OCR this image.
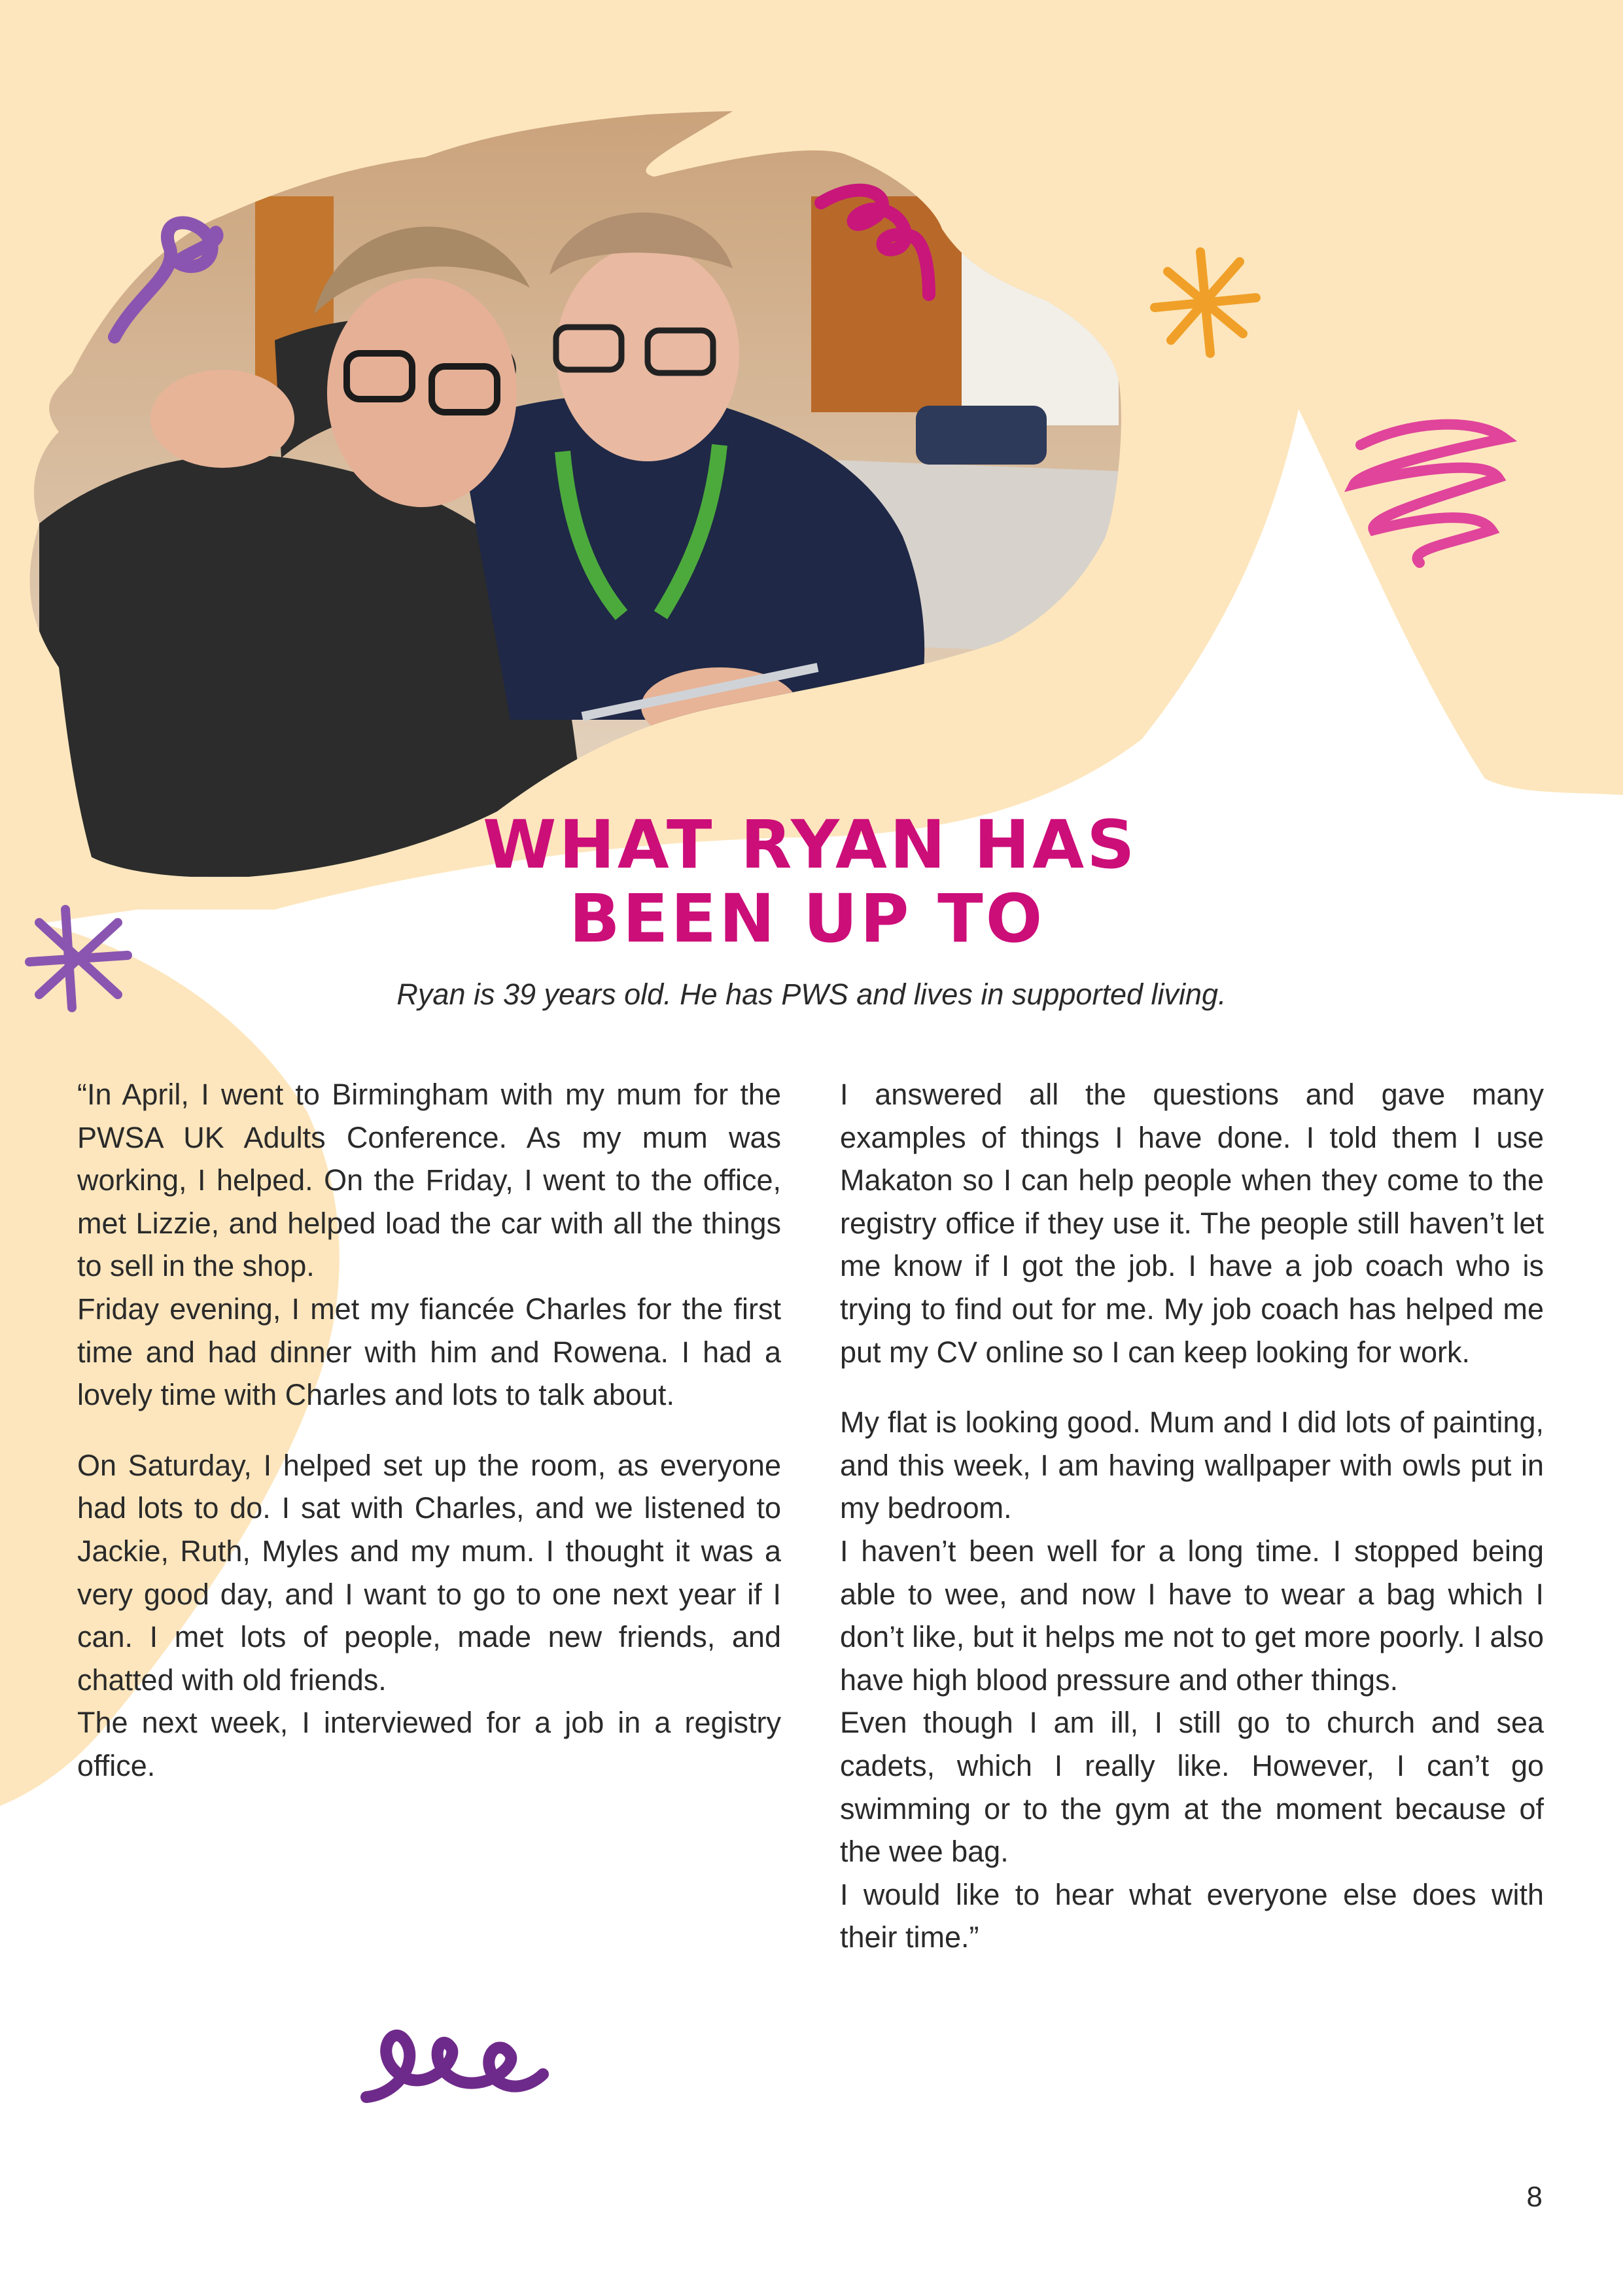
WHAT RYAN HAS
BEEN UP TO

Ryan is 39 years old. He has PWS and lives in supported living.

“In April, I went to Birmingham with my mum for the PWSA UK Adults Conference. As my mum was working, I helped. On the Friday, I went to the office, met Lizzie, and helped load the car with all the things to sell in the shop.

Friday evening, I met my fiancée Charles for the first time and had dinner with him and Rowena. I had a lovely time with Charles and lots to talk about.

On Saturday, I helped set up the room, as everyone had lots to do. I sat with Charles, and we listened to Jackie, Ruth, Myles and my mum. I thought it was a very good day, and I want to go to one next year if I can. I met lots of people, made new friends, and chatted with old friends.

The next week, I interviewed for a job in a registry office.

I answered all the questions and gave many examples of things I have done. I told them I use Makaton so I can help people when they come to the registry office if they use it. The people still haven’t let me know if I got the job. I have a job coach who is trying to find out for me. My job coach has helped me put my CV online so I can keep looking for work.

My flat is looking good. Mum and I did lots of painting, and this week, I am having wallpaper with owls put in my bedroom.

I haven’t been well for a long time. I stopped being able to wee, and now I have to wear a bag which I don’t like, but it helps me not to get more poorly. I also have high blood pressure and other things.

Even though I am ill, I still go to church and sea cadets, which I really like. However, I can’t go swimming or to the gym at the moment because of the wee bag.

I would like to hear what everyone else does with their time.”

8
